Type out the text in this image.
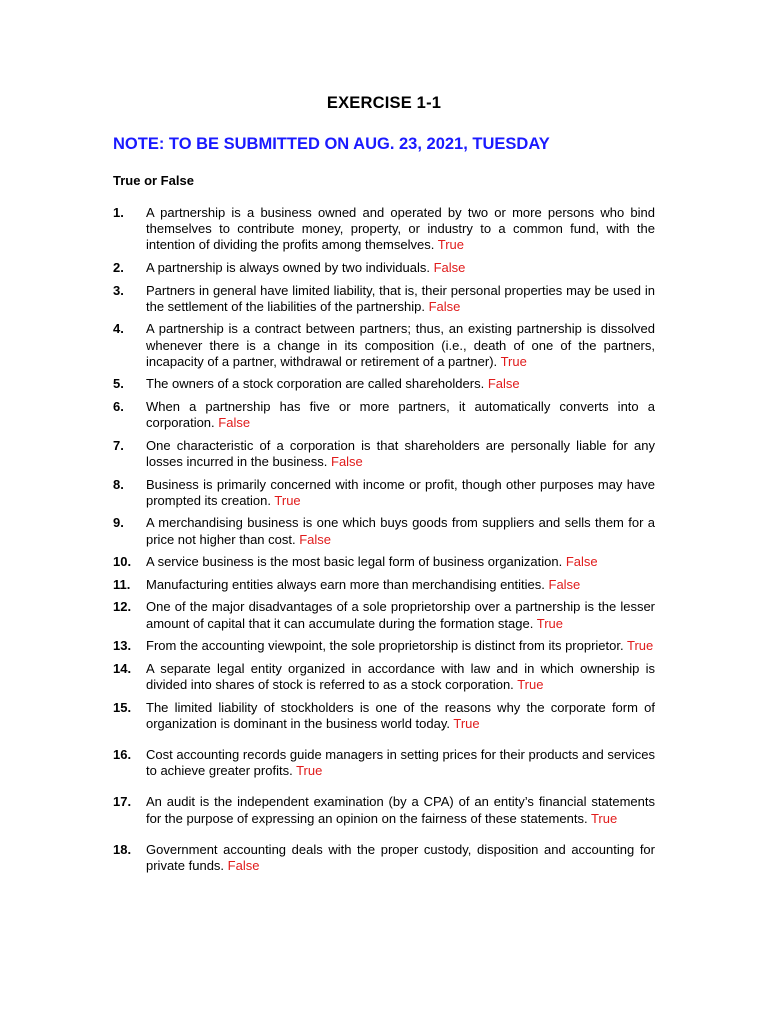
EXERCISE 1-1
NOTE: TO BE SUBMITTED ON AUG. 23, 2021, TUESDAY
True or False
1.	A partnership is a business owned and operated by two or more persons who bind themselves to contribute money, property, or industry to a common fund, with the intention of dividing the profits among themselves. True
2.	A partnership is always owned by two individuals. False
3.	Partners in general have limited liability, that is, their personal properties may be used in the settlement of the liabilities of the partnership. False
4.	A partnership is a contract between partners; thus, an existing partnership is dissolved whenever there is a change in its composition (i.e., death of one of the partners, incapacity of a partner, withdrawal or retirement of a partner). True
5.	The owners of a stock corporation are called shareholders. False
6.	When a partnership has five or more partners, it automatically converts into a corporation. False
7.	One characteristic of a corporation is that shareholders are personally liable for any losses incurred in the business. False
8.	Business is primarily concerned with income or profit, though other purposes may have prompted its creation. True
9.	A merchandising business is one which buys goods from suppliers and sells them for a price not higher than cost. False
10.	A service business is the most basic legal form of business organization. False
11.	Manufacturing entities always earn more than merchandising entities. False
12.	One of the major disadvantages of a sole proprietorship over a partnership is the lesser amount of capital that it can accumulate during the formation stage. True
13.	From the accounting viewpoint, the sole proprietorship is distinct from its proprietor. True
14.	A separate legal entity organized in accordance with law and in which ownership is divided into shares of stock is referred to as a stock corporation. True
15.	The limited liability of stockholders is one of the reasons why the corporate form of organization is dominant in the business world today. True
16.	Cost accounting records guide managers in setting prices for their products and services to achieve greater profits. True
17.	An audit is the independent examination (by a CPA) of an entity’s financial statements for the purpose of expressing an opinion on the fairness of these statements. True
18.	Government accounting deals with the proper custody, disposition and accounting for private funds. False
